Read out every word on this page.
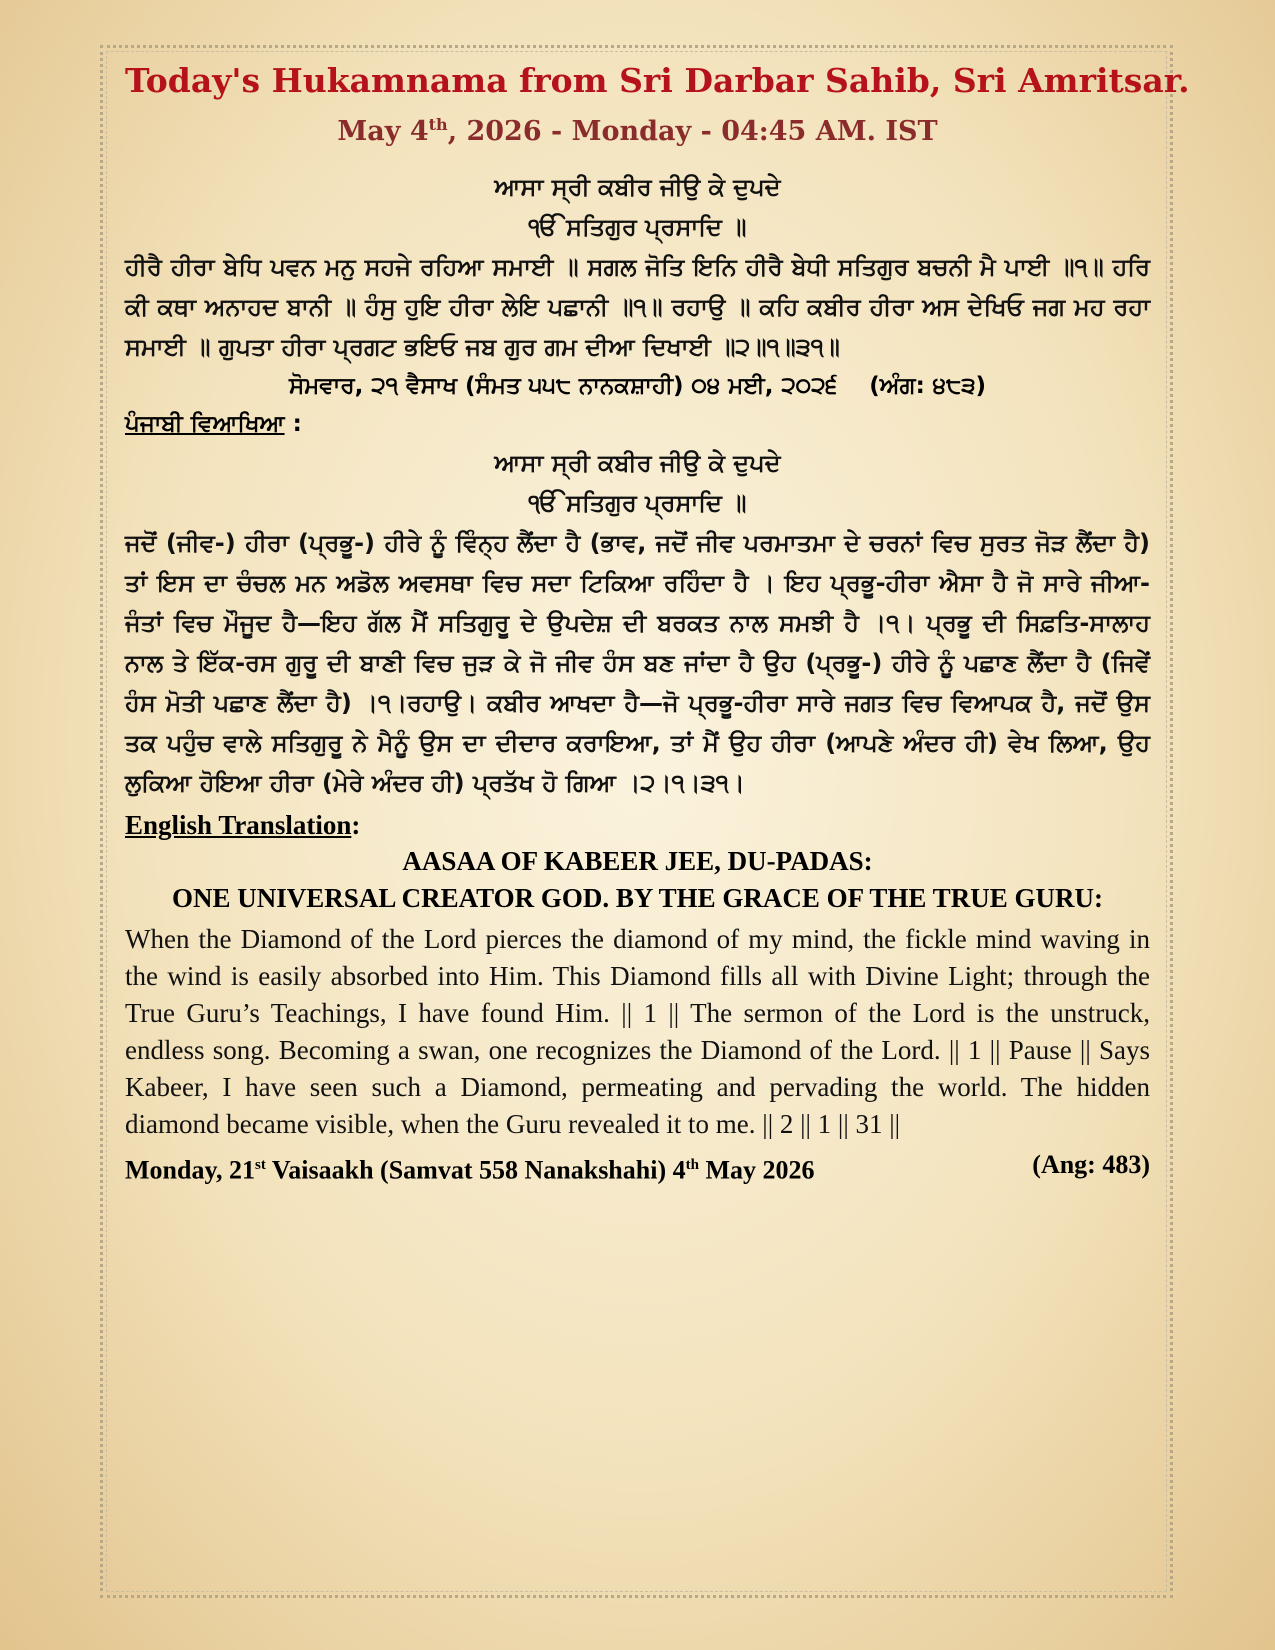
Today's Hukamnama from Sri Darbar Sahib, Sri Amritsar.
May 4th, 2026 - Monday - 04:45 AM. IST

ਆਸਾ ਸ੍ਰੀ ਕਬੀਰ ਜੀਉ ਕੇ ਦੁਪਦੇ

ੴ ਸਤਿਗੁਰ ਪ੍ਰਸਾਦਿ ॥

ਹੀਰੈ ਹੀਰਾ ਬੇਧਿ ਪਵਨ ਮਨੁ ਸਹਜੇ ਰਹਿਆ ਸਮਾਈ ॥ ਸਗਲ ਜੋਤਿ ਇਨਿ ਹੀਰੈ ਬੇਧੀ ਸਤਿਗੁਰ ਬਚਨੀ ਮੈ ਪਾਈ ॥੧॥ ਹਰਿ ਕੀ ਕਥਾ ਅਨਾਹਦ ਬਾਨੀ ॥ ਹੰਸੁ ਹੁਇ ਹੀਰਾ ਲੇਇ ਪਛਾਨੀ ॥੧॥ ਰਹਾਉ ॥ ਕਹਿ ਕਬੀਰ ਹੀਰਾ ਅਸ ਦੇਖਿਓ ਜਗ ਮਹ ਰਹਾ ਸਮਾਈ ॥ ਗੁਪਤਾ ਹੀਰਾ ਪ੍ਰਗਟ ਭਇਓ ਜਬ ਗੁਰ ਗਮ ਦੀਆ ਦਿਖਾਈ ॥੨॥੧॥੩੧॥

ਸੋਮਵਾਰ, ੨੧ ਵੈਸਾਖ (ਸੰਮਤ ੫੫੮ ਨਾਨਕਸ਼ਾਹੀ) ੦੪ ਮਈ, ੨੦੨੬ (ਅੰਗ: ੪੮੩)

ਪੰਜਾਬੀ ਵਿਆਖਿਆ :

ਆਸਾ ਸ੍ਰੀ ਕਬੀਰ ਜੀਉ ਕੇ ਦੁਪਦੇ

ੴ ਸਤਿਗੁਰ ਪ੍ਰਸਾਦਿ ॥

ਜਦੋਂ (ਜੀਵ-) ਹੀਰਾ (ਪ੍ਰਭੂ-) ਹੀਰੇ ਨੂੰ ਵਿੰਨ੍ਹ ਲੈਂਦਾ ਹੈ (ਭਾਵ, ਜਦੋਂ ਜੀਵ ਪਰਮਾਤਮਾ ਦੇ ਚਰਨਾਂ ਵਿਚ ਸੁਰਤ ਜੋੜ ਲੈਂਦਾ ਹੈ) ਤਾਂ ਇਸ ਦਾ ਚੰਚਲ ਮਨ ਅਡੋਲ ਅਵਸਥਾ ਵਿਚ ਸਦਾ ਟਿਕਿਆ ਰਹਿੰਦਾ ਹੈ । ਇਹ ਪ੍ਰਭੂ-ਹੀਰਾ ਐਸਾ ਹੈ ਜੋ ਸਾਰੇ ਜੀਆ-ਜੰਤਾਂ ਵਿਚ ਮੌਜੂਦ ਹੈ—ਇਹ ਗੱਲ ਮੈਂ ਸਤਿਗੁਰੂ ਦੇ ਉਪਦੇਸ਼ ਦੀ ਬਰਕਤ ਨਾਲ ਸਮਝੀ ਹੈ ।੧। ਪ੍ਰਭੂ ਦੀ ਸਿਫ਼ਤਿ-ਸਾਲਾਹ ਨਾਲ ਤੇ ਇੱਕ-ਰਸ ਗੁਰੂ ਦੀ ਬਾਣੀ ਵਿਚ ਜੁੜ ਕੇ ਜੋ ਜੀਵ ਹੰਸ ਬਣ ਜਾਂਦਾ ਹੈ ਉਹ (ਪ੍ਰਭੂ-) ਹੀਰੇ ਨੂੰ ਪਛਾਣ ਲੈਂਦਾ ਹੈ (ਜਿਵੇਂ ਹੰਸ ਮੋਤੀ ਪਛਾਣ ਲੈਂਦਾ ਹੈ) ।੧।ਰਹਾਉ। ਕਬੀਰ ਆਖਦਾ ਹੈ—ਜੋ ਪ੍ਰਭੂ-ਹੀਰਾ ਸਾਰੇ ਜਗਤ ਵਿਚ ਵਿਆਪਕ ਹੈ, ਜਦੋਂ ਉਸ ਤਕ ਪਹੁੰਚ ਵਾਲੇ ਸਤਿਗੁਰੂ ਨੇ ਮੈਨੂੰ ਉਸ ਦਾ ਦੀਦਾਰ ਕਰਾਇਆ, ਤਾਂ ਮੈਂ ਉਹ ਹੀਰਾ (ਆਪਣੇ ਅੰਦਰ ਹੀ) ਵੇਖ ਲਿਆ, ਉਹ ਲੁਕਿਆ ਹੋਇਆ ਹੀਰਾ (ਮੇਰੇ ਅੰਦਰ ਹੀ) ਪ੍ਰਤੱਖ ਹੋ ਗਿਆ ।੨।੧।੩੧।

English Translation:

AASAA OF KABEER JEE, DU-PADAS:

ONE UNIVERSAL CREATOR GOD. BY THE GRACE OF THE TRUE GURU:

When the Diamond of the Lord pierces the diamond of my mind, the fickle mind waving in the wind is easily absorbed into Him. This Diamond fills all with Divine Light; through the True Guru’s Teachings, I have found Him. || 1 || The sermon of the Lord is the unstruck, endless song. Becoming a swan, one recognizes the Diamond of the Lord. || 1 || Pause || Says Kabeer, I have seen such a Diamond, permeating and pervading the world. The hidden diamond became visible, when the Guru revealed it to me. || 2 || 1 || 31 ||

Monday, 21st Vaisaakh (Samvat 558 Nanakshahi) 4th May 2026	(Ang: 483)
